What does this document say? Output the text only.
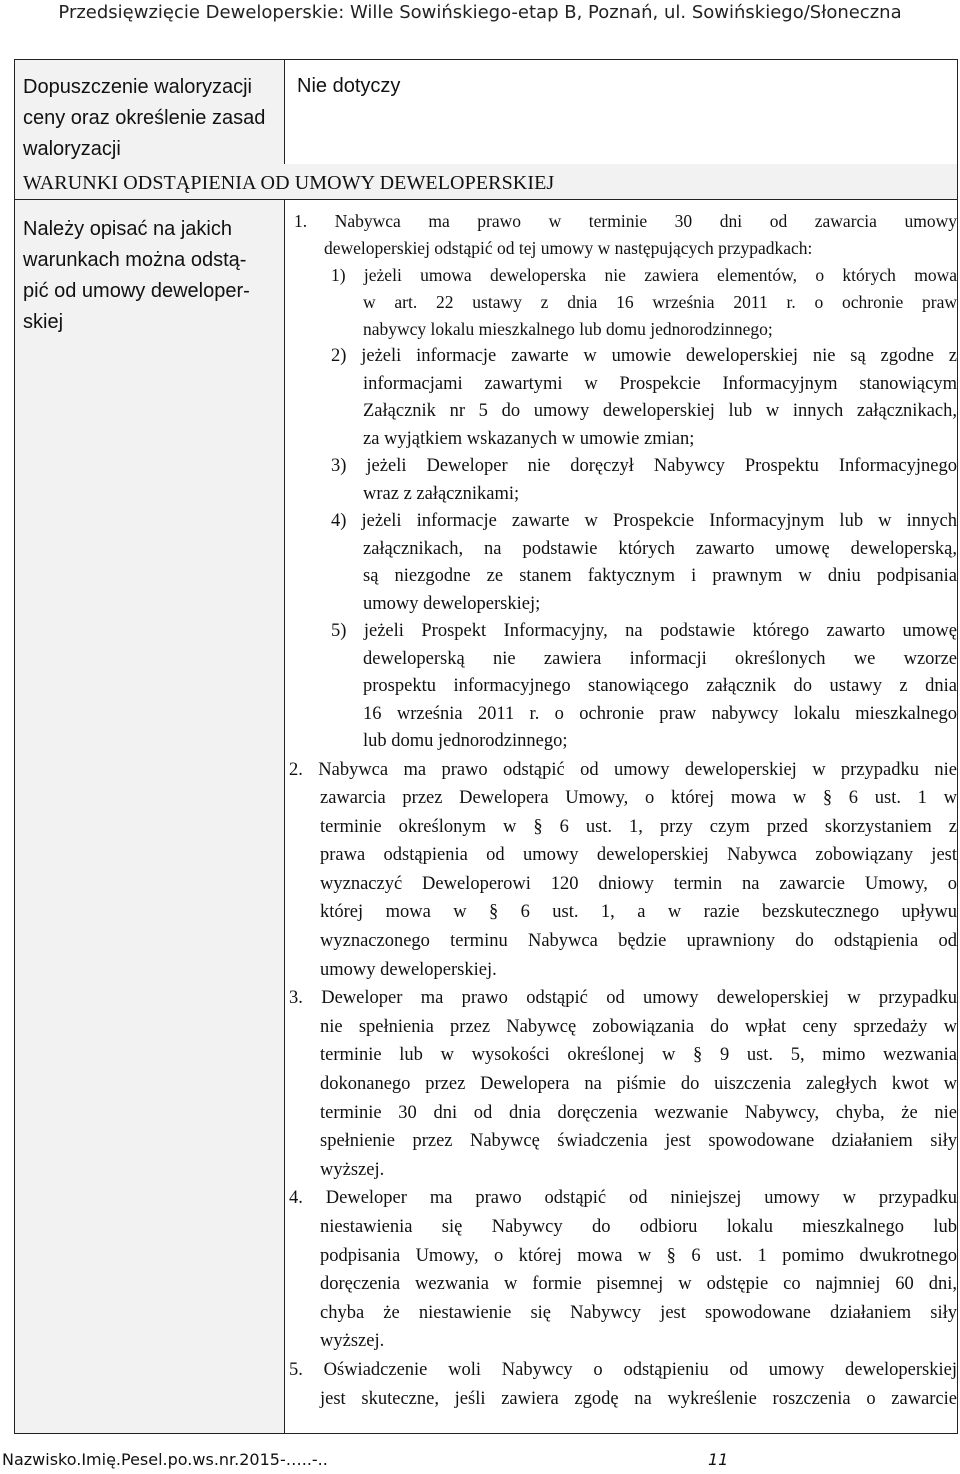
Przedsięwzięcie Deweloperskie: Wille Sowińskiego-etap B, Poznań, ul. Sowińskiego/Słoneczna
Dopuszczenie waloryzacji
ceny oraz określenie zasad
waloryzacji
Nie dotyczy
WARUNKI ODSTĄPIENIA OD UMOWY DEWELOPERSKIEJ
Należy opisać na jakich
warunkach można odstą-
pić od umowy deweloper-
skiej
1. Nabywca ma prawo w terminie 30 dni od zawarcia umowy
deweloperskiej odstąpić od tej umowy w następujących przypadkach:
1) jeżeli umowa deweloperska nie zawiera elementów, o których mowa
w art. 22 ustawy z dnia 16 września 2011 r. o ochronie praw
nabywcy lokalu mieszkalnego lub domu jednorodzinnego;
2) jeżeli informacje zawarte w umowie deweloperskiej nie są zgodne z
informacjami zawartymi w Prospekcie Informacyjnym stanowiącym
Załącznik nr 5 do umowy deweloperskiej lub w innych załącznikach,
za wyjątkiem wskazanych w umowie zmian;
3) jeżeli Deweloper nie doręczył Nabywcy Prospektu Informacyjnego
wraz z załącznikami;
4) jeżeli informacje zawarte w Prospekcie Informacyjnym lub w innych
załącznikach, na podstawie których zawarto umowę deweloperską,
są niezgodne ze stanem faktycznym i prawnym w dniu podpisania
umowy deweloperskiej;
5) jeżeli Prospekt Informacyjny, na podstawie którego zawarto umowę
deweloperską nie zawiera informacji określonych we wzorze
prospektu informacyjnego stanowiącego załącznik do ustawy z dnia
16 września 2011 r. o ochronie praw nabywcy lokalu mieszkalnego
lub domu jednorodzinnego;
2. Nabywca ma prawo odstąpić od umowy deweloperskiej w przypadku nie
zawarcia przez Dewelopera Umowy, o której mowa w § 6 ust. 1 w
terminie określonym w § 6 ust. 1, przy czym przed skorzystaniem z
prawa odstąpienia od umowy deweloperskiej Nabywca zobowiązany jest
wyznaczyć Deweloperowi 120 dniowy termin na zawarcie Umowy, o
której mowa w § 6 ust. 1, a w razie bezskutecznego upływu
wyznaczonego terminu Nabywca będzie uprawniony do odstąpienia od
umowy deweloperskiej.
3. Deweloper ma prawo odstąpić od umowy deweloperskiej w przypadku
nie spełnienia przez Nabywcę zobowiązania do wpłat ceny sprzedaży w
terminie lub w wysokości określonej w § 9 ust. 5, mimo wezwania
dokonanego przez Dewelopera na piśmie do uiszczenia zaległych kwot w
terminie 30 dni od dnia doręczenia wezwanie Nabywcy, chyba, że nie
spełnienie przez Nabywcę świadczenia jest spowodowane działaniem siły
wyższej.
4. Deweloper ma prawo odstąpić od niniejszej umowy w przypadku
niestawienia się Nabywcy do odbioru lokalu mieszkalnego lub
podpisania Umowy, o której mowa w § 6 ust. 1 pomimo dwukrotnego
doręczenia wezwania w formie pisemnej w odstępie co najmniej 60 dni,
chyba że niestawienie się Nabywcy jest spowodowane działaniem siły
wyższej.
5. Oświadczenie woli Nabywcy o odstąpieniu od umowy deweloperskiej
jest skuteczne, jeśli zawiera zgodę na wykreślenie roszczenia o zawarcie
Nazwisko.Imię.Pesel.po.ws.nr.2015-…..-..	11
